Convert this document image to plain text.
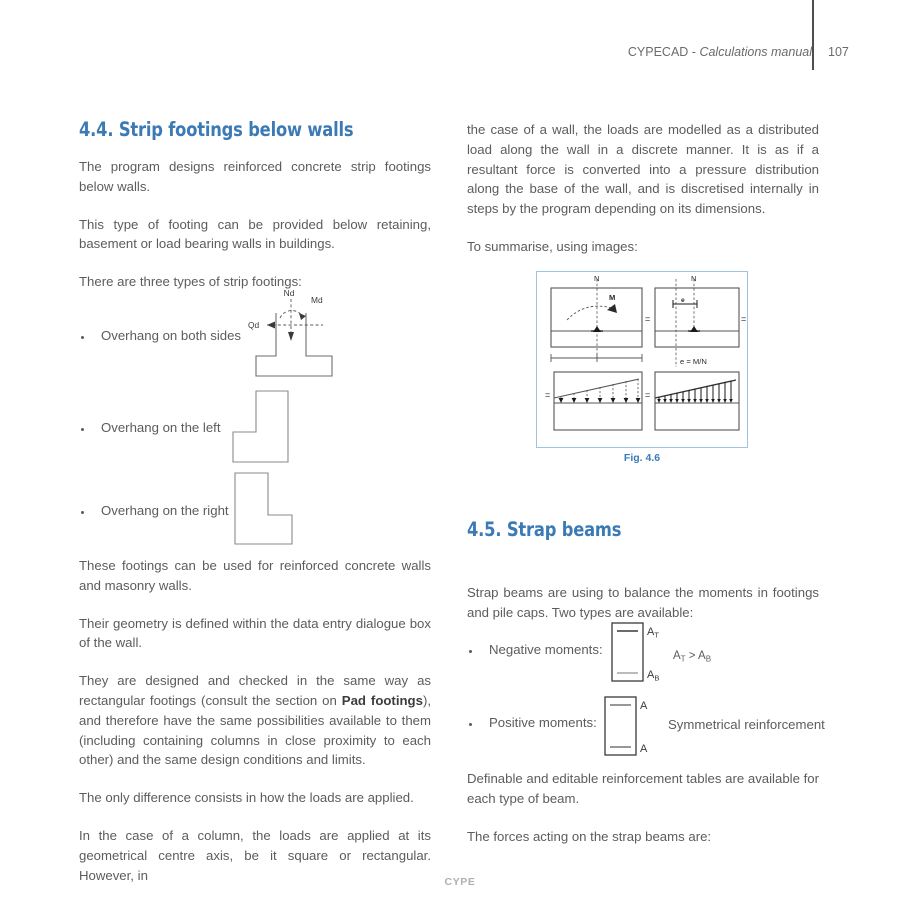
CYPECAD - Calculations manual 107
4.4. Strip footings below walls

The program designs reinforced concrete strip footings below walls.

This type of footing can be provided below retaining, basement or load bearing walls in buildings.

There are three types of strip footings:

Nd
Md
Qd
Overhang on both sides
Overhang on the left
Overhang on the right

These footings can be used for reinforced concrete walls and masonry walls.

Their geometry is defined within the data entry dialogue box of the wall.

They are designed and checked in the same way as rectangular footings (consult the section on Pad footings), and therefore have the same possibilities available to them (including containing columns in close proximity to each other) and the same design conditions and limits.

The only difference consists in how the loads are applied.

In the case of a column, the loads are applied at its geometrical centre axis, be it square or rectangular. However, in

the case of a wall, the loads are modelled as a distributed load along the wall in a discrete manner. It is as if a resultant force is converted into a pressure distribution along the base of the wall, and is discretised internally in steps by the program depending on its dimensions.

To summarise, using images:

N
M
=
N
e
e = M/N
=
=	=
Fig. 4.6
4.5. Strap beams

Strap beams are using to balance the moments in footings and pile caps. Two types are available:

Negative moments:
$A_T$
$A_B$
$A_T > A_B$
Positive moments:
A
A
Symmetrical reinforcement

Definable and editable reinforcement tables are available for each type of beam.

The forces acting on the strap beams are:

CYPE
